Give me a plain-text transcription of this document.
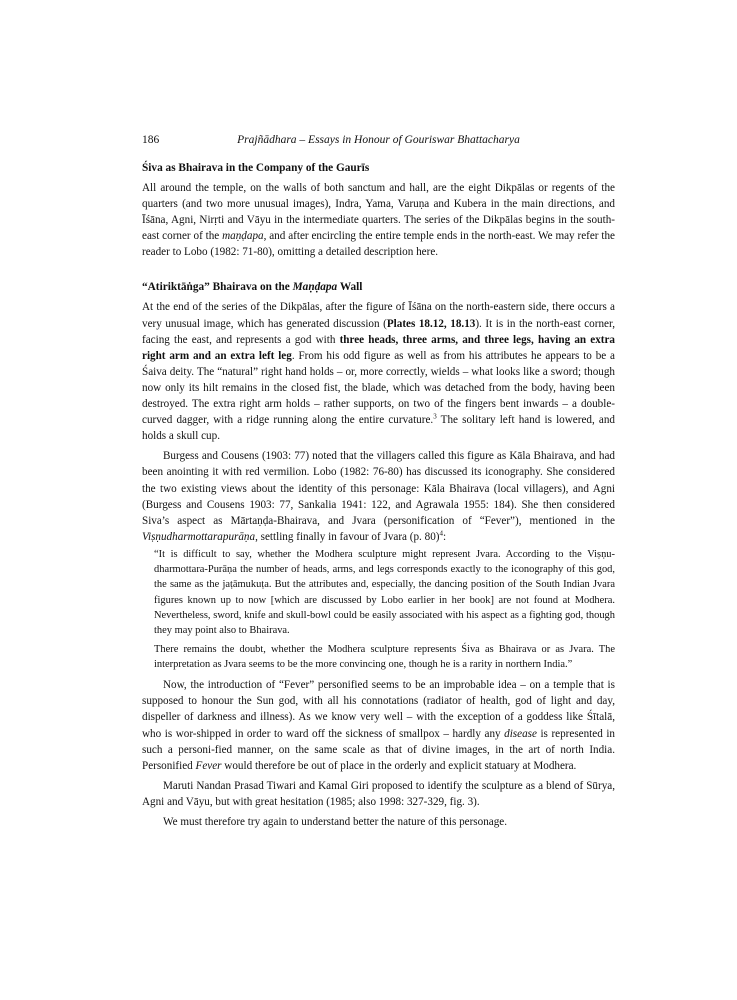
186	Prajñādhara – Essays in Honour of Gouriswar Bhattacharya
Śiva as Bhairava in the Company of the Gaurīs

All around the temple, on the walls of both sanctum and hall, are the eight Dikpālas or regents of the quarters (and two more unusual images), Indra, Yama, Varuṇa and Kubera in the main directions, and Īśāna, Agni, Nirṛti and Vāyu in the intermediate quarters. The series of the Dikpālas begins in the south-east corner of the maṇḍapa, and after encircling the entire temple ends in the north-east. We may refer the reader to Lobo (1982: 71-80), omitting a detailed description here.

“Atiriktāṅga” Bhairava on the Maṇḍapa Wall

At the end of the series of the Dikpālas, after the figure of Īśāna on the north-eastern side, there occurs a very unusual image, which has generated discussion (Plates 18.12, 18.13). It is in the north-east corner, facing the east, and represents a god with three heads, three arms, and three legs, having an extra right arm and an extra left leg. From his odd figure as well as from his attributes he appears to be a Śaiva deity. The “natural” right hand holds – or, more correctly, wields – what looks like a sword; though now only its hilt remains in the closed fist, the blade, which was detached from the body, having been destroyed. The extra right arm holds – rather supports, on two of the fingers bent inwards – a double-curved dagger, with a ridge running along the entire curvature.$^3$ The solitary left hand is lowered, and holds a skull cup.

Burgess and Cousens (1903: 77) noted that the villagers called this figure as Kāla Bhairava, and had been anointing it with red vermilion. Lobo (1982: 76-80) has discussed its iconography. She considered the two existing views about the identity of this personage: Kāla Bhairava (local villagers), and Agni (Burgess and Cousens 1903: 77, Sankalia 1941: 122, and Agrawala 1955: 184). She then considered Siva’s aspect as Mārtaṇḍa-Bhairava, and Jvara (personification of “Fever”), mentioned in the Viṣṇudharmottarapurāṇa, settling finally in favour of Jvara (p. 80)$^4$:

“It is difficult to say, whether the Modhera sculpture might represent Jvara. According to the Viṣṇu-dharmottara-Purāṇa the number of heads, arms, and legs corresponds exactly to the iconography of this god, the same as the jaṭāmukuṭa. But the attributes and, especially, the dancing position of the South Indian Jvara figures known up to now [which are discussed by Lobo earlier in her book] are not found at Modhera. Nevertheless, sword, knife and skull-bowl could be easily associated with his aspect as a fighting god, though they may point also to Bhairava.

There remains the doubt, whether the Modhera sculpture represents Śiva as Bhairava or as Jvara. The interpretation as Jvara seems to be the more convincing one, though he is a rarity in northern India.”

Now, the introduction of “Fever” personified seems to be an improbable idea – on a temple that is supposed to honour the Sun god, with all his connotations (radiator of health, god of light and day, dispeller of darkness and illness). As we know very well – with the exception of a goddess like Śītalā, who is wor-shipped in order to ward off the sickness of smallpox – hardly any disease is represented in such a personi-fied manner, on the same scale as that of divine images, in the art of north India. Personified Fever would therefore be out of place in the orderly and explicit statuary at Modhera.

Maruti Nandan Prasad Tiwari and Kamal Giri proposed to identify the sculpture as a blend of Sūrya, Agni and Vāyu, but with great hesitation (1985; also 1998: 327-329, fig. 3).

We must therefore try again to understand better the nature of this personage.
